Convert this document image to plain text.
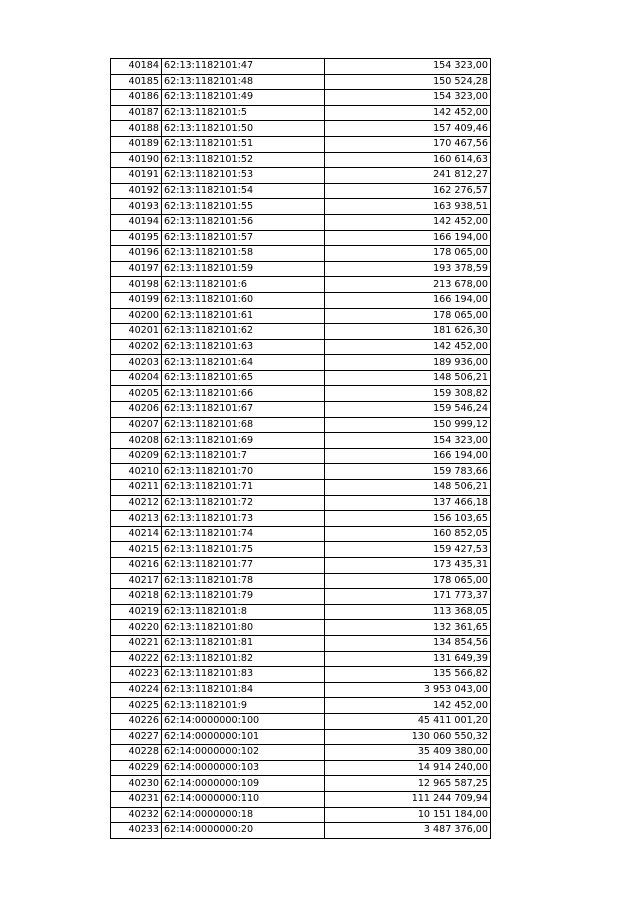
40184	62:13:1182101:47	154 323,00
40185	62:13:1182101:48	150 524,28
40186	62:13:1182101:49	154 323,00
40187	62:13:1182101:5	142 452,00
40188	62:13:1182101:50	157 409,46
40189	62:13:1182101:51	170 467,56
40190	62:13:1182101:52	160 614,63
40191	62:13:1182101:53	241 812,27
40192	62:13:1182101:54	162 276,57
40193	62:13:1182101:55	163 938,51
40194	62:13:1182101:56	142 452,00
40195	62:13:1182101:57	166 194,00
40196	62:13:1182101:58	178 065,00
40197	62:13:1182101:59	193 378,59
40198	62:13:1182101:6	213 678,00
40199	62:13:1182101:60	166 194,00
40200	62:13:1182101:61	178 065,00
40201	62:13:1182101:62	181 626,30
40202	62:13:1182101:63	142 452,00
40203	62:13:1182101:64	189 936,00
40204	62:13:1182101:65	148 506,21
40205	62:13:1182101:66	159 308,82
40206	62:13:1182101:67	159 546,24
40207	62:13:1182101:68	150 999,12
40208	62:13:1182101:69	154 323,00
40209	62:13:1182101:7	166 194,00
40210	62:13:1182101:70	159 783,66
40211	62:13:1182101:71	148 506,21
40212	62:13:1182101:72	137 466,18
40213	62:13:1182101:73	156 103,65
40214	62:13:1182101:74	160 852,05
40215	62:13:1182101:75	159 427,53
40216	62:13:1182101:77	173 435,31
40217	62:13:1182101:78	178 065,00
40218	62:13:1182101:79	171 773,37
40219	62:13:1182101:8	113 368,05
40220	62:13:1182101:80	132 361,65
40221	62:13:1182101:81	134 854,56
40222	62:13:1182101:82	131 649,39
40223	62:13:1182101:83	135 566,82
40224	62:13:1182101:84	3 953 043,00
40225	62:13:1182101:9	142 452,00
40226	62:14:0000000:100	45 411 001,20
40227	62:14:0000000:101	130 060 550,32
40228	62:14:0000000:102	35 409 380,00
40229	62:14:0000000:103	14 914 240,00
40230	62:14:0000000:109	12 965 587,25
40231	62:14:0000000:110	111 244 709,94
40232	62:14:0000000:18	10 151 184,00
40233	62:14:0000000:20	3 487 376,00
